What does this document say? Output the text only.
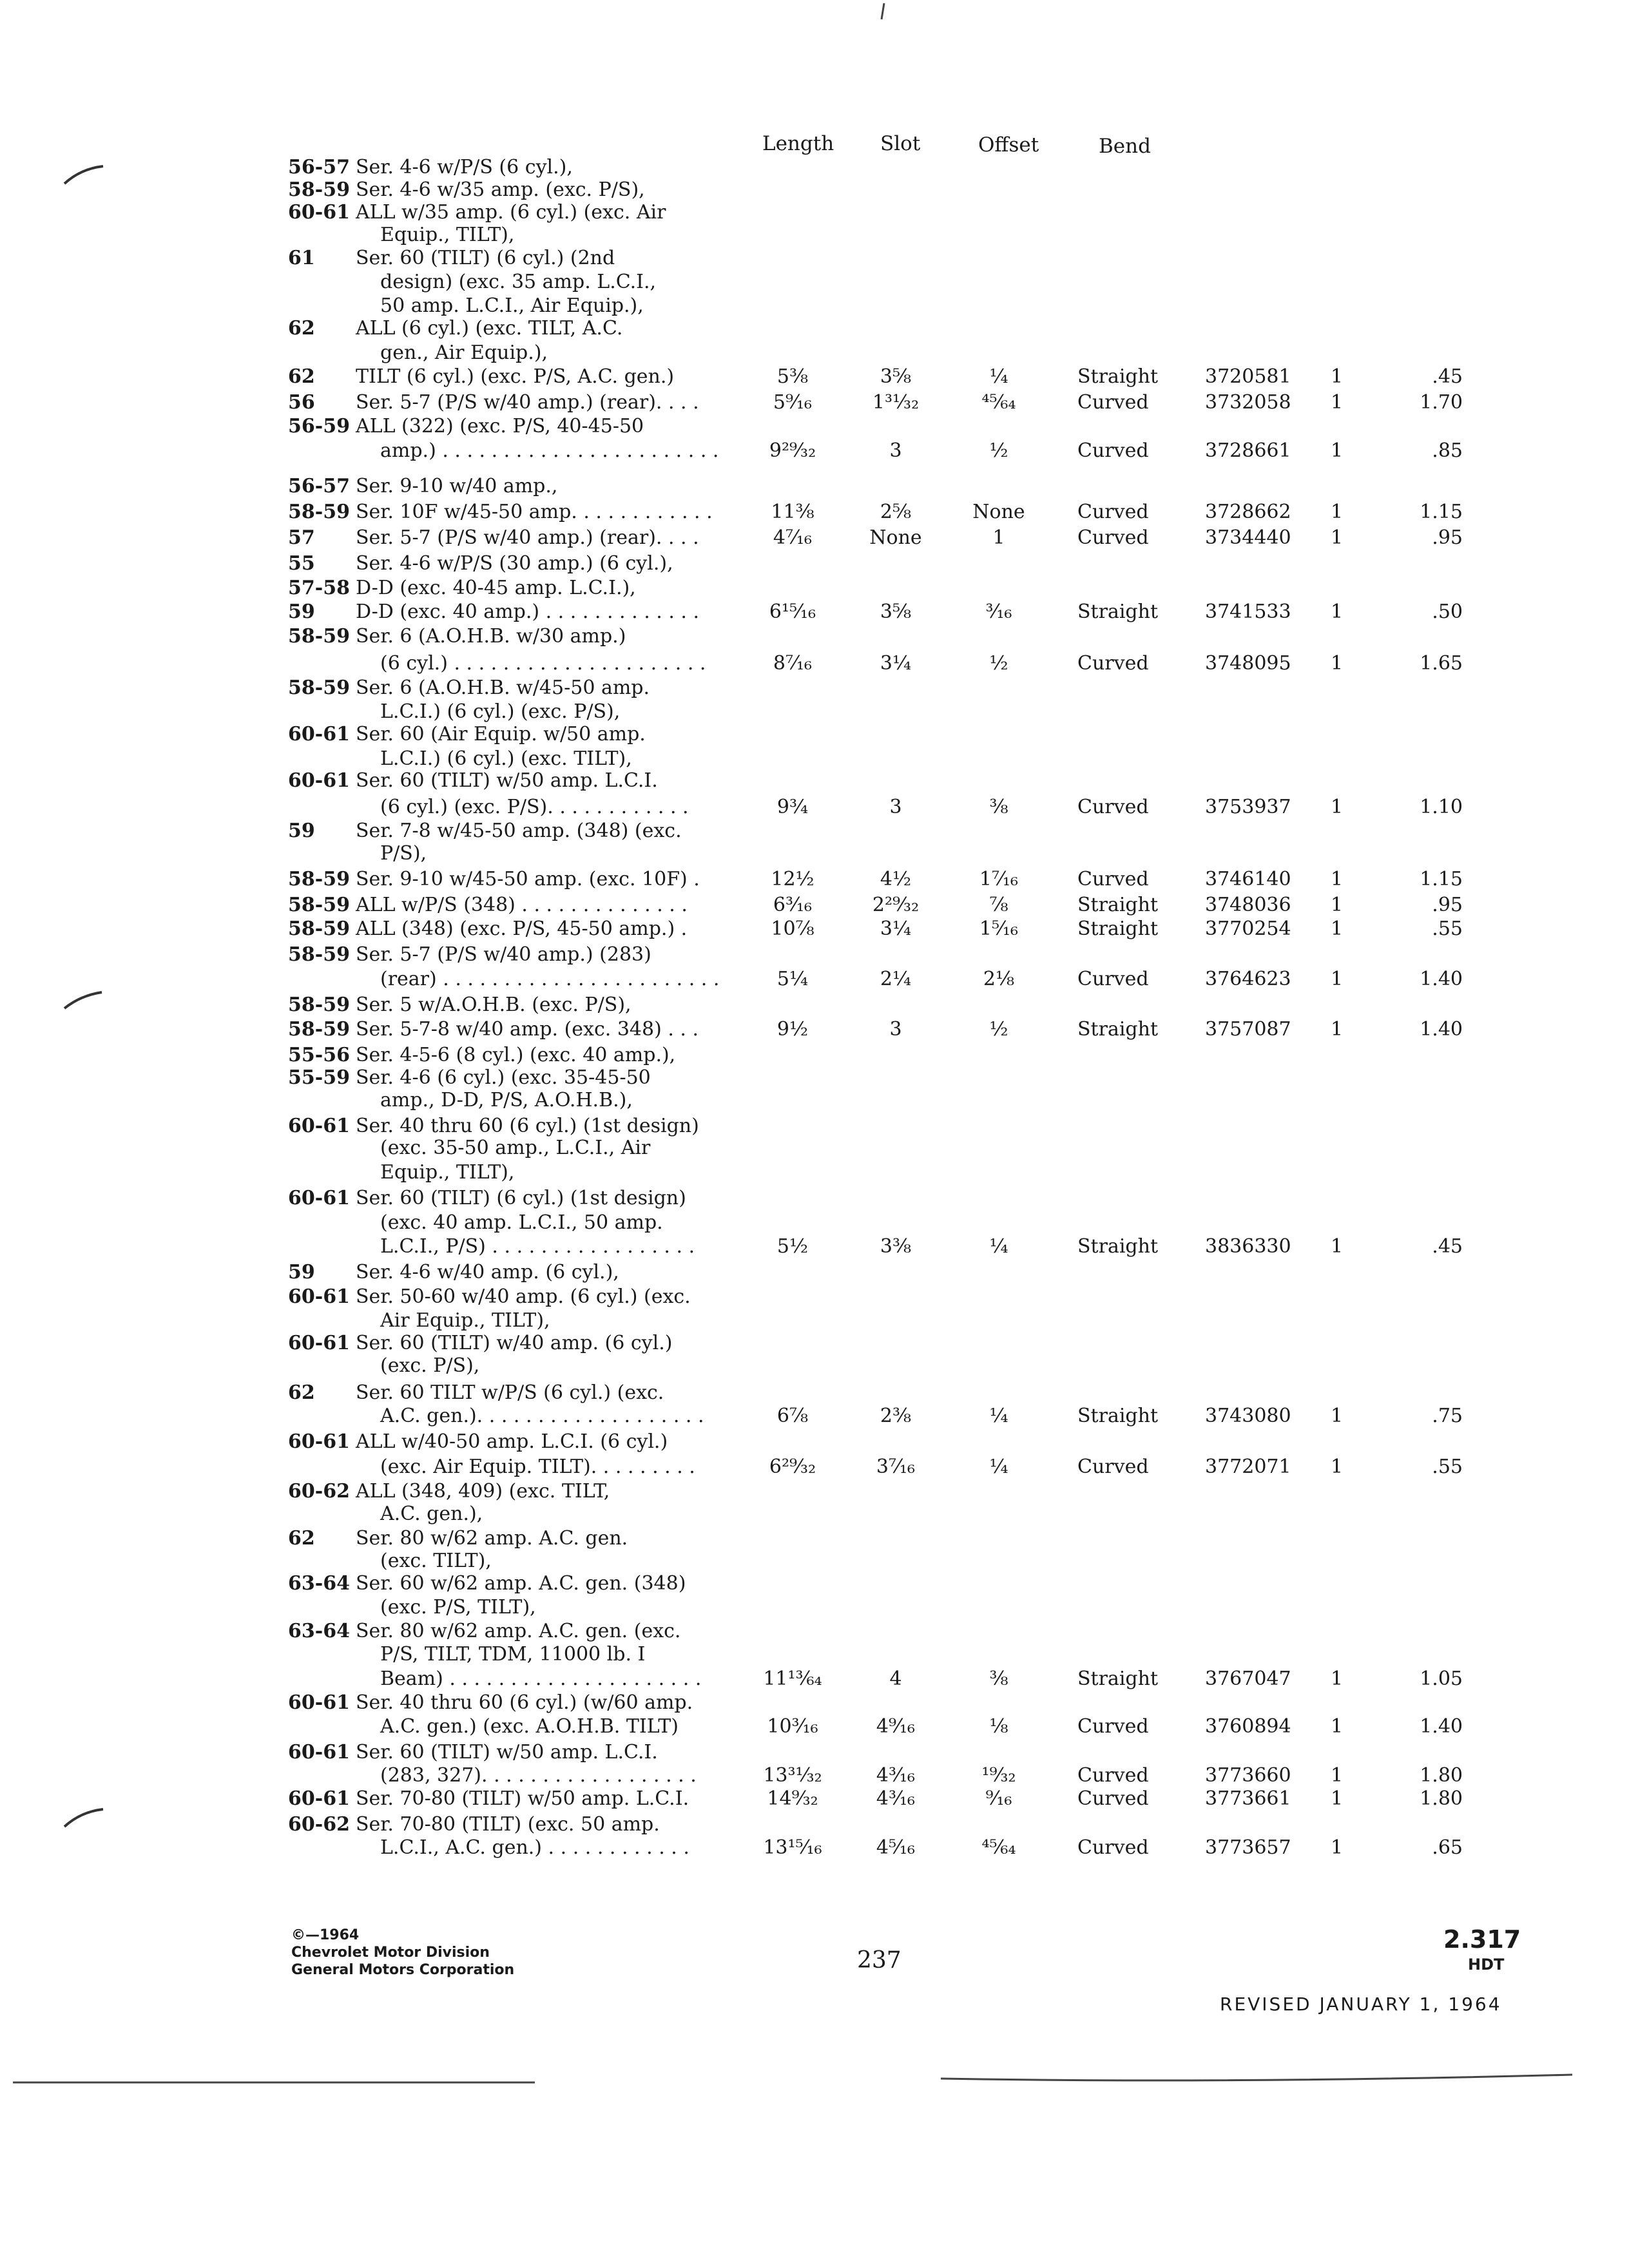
Length Slot	Offset	Bend
56-57 Ser. 4-6 w/P/S (6 cyl.),
58-59 Ser. 4-6 w/35 amp. (exc. P/S),
60-61 ALL w/35 amp. (6 cyl.) (exc. Air
Equip., TILT),
61 Ser. 60 (TILT) (6 cyl.) (2nd
design) (exc. 35 amp. L.C.I.,
50 amp. L.C.I., Air Equip.),
62 ALL (6 cyl.) (exc. TILT, A.C.
gen., Air Equip.),
62 TILT (6 cyl.) (exc. P/S, A.C. gen.)	5⅜	3⅝	¼	Straight 3720581 1	.45
56 Ser. 5-7 (P/S w/40 amp.) (rear). . . .	5⁹⁄₁₆	1³¹⁄₃₂	⁴⁵⁄₆₄	Curved	3732058 1	1.70
56-59 ALL (322) (exc. P/S, 40-45-50
amp.) . . . . . . . . . . . . . . . . . . . . . . .	9²⁹⁄₃₂	3	½	Curved	3728661 1	.85
56-57 Ser. 9-10 w/40 amp.,
58-59 Ser. 10F w/45-50 amp. . . . . . . . . . . .	11⅜	2⅝	None	Curved	3728662 1	1.15
57 Ser. 5-7 (P/S w/40 amp.) (rear). . . .	4⁷⁄₁₆	None	1	Curved	3734440 1	.95
55 Ser. 4-6 w/P/S (30 amp.) (6 cyl.),
57-58 D-D (exc. 40-45 amp. L.C.I.),
59 D-D (exc. 40 amp.) . . . . . . . . . . . . .	6¹⁵⁄₁₆	3⅝	³⁄₁₆	Straight 3741533 1	.50
58-59 Ser. 6 (A.O.H.B. w/30 amp.)
(6 cyl.) . . . . . . . . . . . . . . . . . . . . .	8⁷⁄₁₆	3¼	½	Curved	3748095 1	1.65
58-59 Ser. 6 (A.O.H.B. w/45-50 amp.
L.C.I.) (6 cyl.) (exc. P/S),
60-61 Ser. 60 (Air Equip. w/50 amp.
L.C.I.) (6 cyl.) (exc. TILT),
60-61 Ser. 60 (TILT) w/50 amp. L.C.I.
(6 cyl.) (exc. P/S). . . . . . . . . . . .	9¾	3	⅜	Curved	3753937 1	1.10
59 Ser. 7-8 w/45-50 amp. (348) (exc.
P/S),
58-59 Ser. 9-10 w/45-50 amp. (exc. 10F) .	12½	4½	1⁷⁄₁₆	Curved	3746140 1	1.15
58-59 ALL w/P/S (348) . . . . . . . . . . . . . .	6³⁄₁₆	2²⁹⁄₃₂	⅞	Straight 3748036 1	.95
58-59 ALL (348) (exc. P/S, 45-50 amp.) .	10⅞	3¼	1⁵⁄₁₆	Straight 3770254 1	.55
58-59 Ser. 5-7 (P/S w/40 amp.) (283)
(rear) . . . . . . . . . . . . . . . . . . . . . . .	5¼	2¼	2⅛	Curved	3764623 1	1.40
58-59 Ser. 5 w/A.O.H.B. (exc. P/S),
58-59 Ser. 5-7-8 w/40 amp. (exc. 348) . . .	9½	3	½	Straight 3757087 1	1.40
55-56 Ser. 4-5-6 (8 cyl.) (exc. 40 amp.),
55-59 Ser. 4-6 (6 cyl.) (exc. 35-45-50
amp., D-D, P/S, A.O.H.B.),
60-61 Ser. 40 thru 60 (6 cyl.) (1st design)
(exc. 35-50 amp., L.C.I., Air
Equip., TILT),
60-61 Ser. 60 (TILT) (6 cyl.) (1st design)
(exc. 40 amp. L.C.I., 50 amp.
L.C.I., P/S) . . . . . . . . . . . . . . . . .	5½	3⅜	¼	Straight 3836330 1	.45
59 Ser. 4-6 w/40 amp. (6 cyl.),
60-61 Ser. 50-60 w/40 amp. (6 cyl.) (exc.
Air Equip., TILT),
60-61 Ser. 60 (TILT) w/40 amp. (6 cyl.)
(exc. P/S),
62 Ser. 60 TILT w/P/S (6 cyl.) (exc.
A.C. gen.). . . . . . . . . . . . . . . . . . .	6⅞	2³⁄₈	¼	Straight 3743080 1	.75
60-61 ALL w/40-50 amp. L.C.I. (6 cyl.)
(exc. Air Equip. TILT). . . . . . . . .	6²⁹⁄₃₂	3⁷⁄₁₆	¼	Curved	3772071 1	.55
60-62 ALL (348, 409) (exc. TILT,
A.C. gen.),
62 Ser. 80 w/62 amp. A.C. gen.
(exc. TILT),
63-64 Ser. 60 w/62 amp. A.C. gen. (348)
(exc. P/S, TILT),
63-64 Ser. 80 w/62 amp. A.C. gen. (exc.
P/S, TILT, TDM, 11000 lb. I
Beam) . . . . . . . . . . . . . . . . . . . . .	11¹³⁄₆₄	4	⅜	Straight 3767047 1	1.05
60-61 Ser. 40 thru 60 (6 cyl.) (w/60 amp.
A.C. gen.) (exc. A.O.H.B. TILT)	10³⁄₁₆	4⁹⁄₁₆	⅛	Curved	3760894 1	1.40
60-61 Ser. 60 (TILT) w/50 amp. L.C.I.
(283, 327). . . . . . . . . . . . . . . . . .	13³¹⁄₃₂	4³⁄₁₆	¹⁹⁄₃₂	Curved	3773660 1	1.80
60-61 Ser. 70-80 (TILT) w/50 amp. L.C.I.	14⁹⁄₃₂	4³⁄₁₆	⁹⁄₁₆	Curved	3773661 1	1.80
60-62 Ser. 70-80 (TILT) (exc. 50 amp.
L.C.I., A.C. gen.) . . . . . . . . . . . .	13¹⁵⁄₁₆	4⁵⁄₁₆	⁴⁵⁄₆₄	Curved	3773657 1	.65
©—1964
Chevrolet Motor Division
General Motors Corporation	237
2.317
HDT
REVISED JANUARY 1, 1964
